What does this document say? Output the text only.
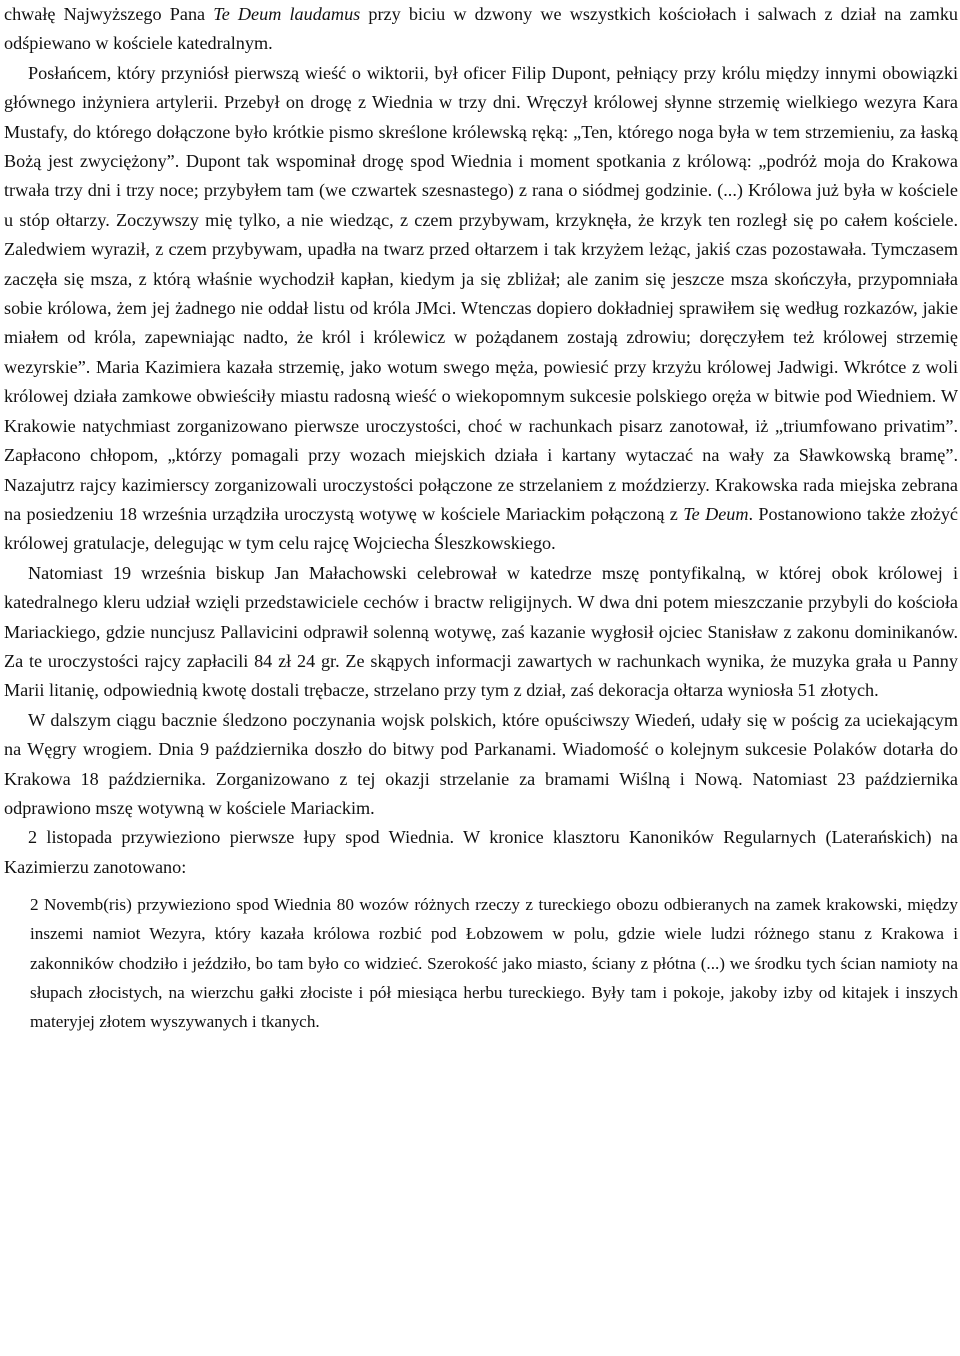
chwałę Najwyższego Pana Te Deum laudamus przy biciu w dzwony we wszystkich kościołach i salwach z dział na zamku odśpiewano w kościele katedralnym.

Posłańcem, który przyniósł pierwszą wieść o wiktorii, był oficer Filip Dupont, pełniący przy królu między innymi obowiązki głównego inżyniera artylerii. Przebył on drogę z Wiednia w trzy dni. Wręczył królowej słynne strzemię wielkiego wezyra Kara Mustafy, do którego dołączone było krótkie pismo skreślone królewską ręką: „Ten, którego noga była w tem strzemieniu, za łaską Bożą jest zwyciężony”. Dupont tak wspominał drogę spod Wiednia i moment spotkania z królową: „podróż moja do Krakowa trwała trzy dni i trzy noce; przybyłem tam (we czwartek szesnastego) z rana o siódmej godzinie. (...) Królowa już była w kościele u stóp ołtarzy. Zoczywszy mię tylko, a nie wiedząc, z czem przybywam, krzyknęła, że krzyk ten rozległ się po całem kościele. Zaledwiem wyraził, z czem przybywam, upadła na twarz przed ołtarzem i tak krzyżem leżąc, jakiś czas pozostawała. Tymczasem zaczęła się msza, z którą właśnie wychodził kapłan, kiedym ja się zbliżał; ale zanim się jeszcze msza skończyła, przypomniała sobie królowa, żem jej żadnego nie oddał listu od króla JMci. Wtenczas dopiero dokładniej sprawiłem się według rozkazów, jakie miałem od króla, zapewniając nadto, że król i królewicz w pożądanem zostają zdrowiu; doręczyłem też królowej strzemię wezyrskie”. Maria Kazimiera kazała strzemię, jako wotum swego męża, powiesić przy krzyżu królowej Jadwigi. Wkrótce z woli królowej działa zamkowe obwieściły miastu radosną wieść o wiekopomnym sukcesie polskiego oręża w bitwie pod Wiedniem. W Krakowie natychmiast zorganizowano pierwsze uroczystości, choć w rachunkach pisarz zanotował, iż „triumfowano privatim”. Zapłacono chłopom, „którzy pomagali przy wozach miejskich działa i kartany wytaczać na wały za Sławkowską bramę”. Nazajutrz rajcy kazimierscy zorganizowali uroczystości połączone ze strzelaniem z moździerzy. Krakowska rada miejska zebrana na posiedzeniu 18 września urządziła uroczystą wotywę w kościele Mariackim połączoną z Te Deum. Postanowiono także złożyć królowej gratulacje, delegując w tym celu rajcę Wojciecha Śleszkowskiego.

Natomiast 19 września biskup Jan Małachowski celebrował w katedrze mszę pontyfikalną, w której obok królowej i katedralnego kleru udział wzięli przedstawiciele cechów i bractw religijnych. W dwa dni potem mieszczanie przybyli do kościoła Mariackiego, gdzie nuncjusz Pallavicini odprawił solenną wotywę, zaś kazanie wygłosił ojciec Stanisław z zakonu dominikanów. Za te uroczystości rajcy zapłacili 84 zł 24 gr. Ze skąpych informacji zawartych w rachunkach wynika, że muzyka grała u Panny Marii litanię, odpowiednią kwotę dostali trębacze, strzelano przy tym z dział, zaś dekoracja ołtarza wyniosła 51 złotych.

W dalszym ciągu bacznie śledzono poczynania wojsk polskich, które opuściwszy Wiedeń, udały się w pościg za uciekającym na Węgry wrogiem. Dnia 9 października doszło do bitwy pod Parkanami. Wiadomość o kolejnym sukcesie Polaków dotarła do Krakowa 18 października. Zorganizowano z tej okazji strzelanie za bramami Wiślną i Nową. Natomiast 23 października odprawiono mszę wotywną w kościele Mariackim.

2 listopada przywieziono pierwsze łupy spod Wiednia. W kronice klasztoru Kanoników Regularnych (Laterańskich) na Kazimierzu zanotowano:

2 Novemb(ris) przywieziono spod Wiednia 80 wozów różnych rzeczy z tureckiego obozu odbieranych na zamek krakowski, między inszemi namiot Wezyra, który kazała królowa rozbić pod Łobzowem w polu, gdzie wiele ludzi różnego stanu z Krakowa i zakonników chodziło i jeździło, bo tam było co widzieć. Szerokość jako miasto, ściany z płótna (...) we środku tych ścian namioty na słupach złocistych, na wierzchu gałki złociste i pół miesiąca herbu tureckiego. Były tam i pokoje, jakoby izby od kitajek i inszych materyjej złotem wyszywanych i tkanych.
